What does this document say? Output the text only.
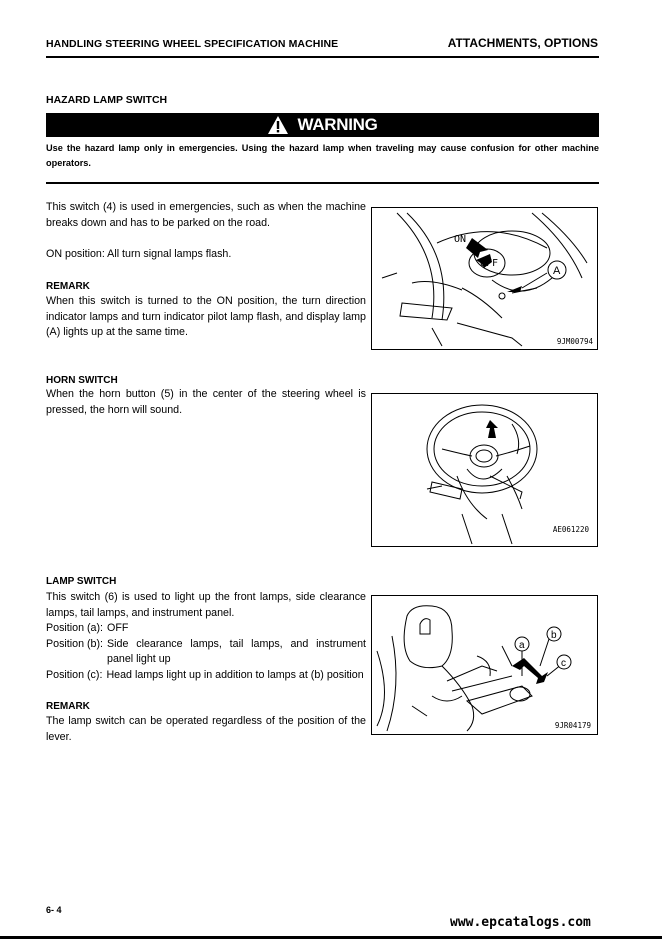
HANDLING STEERING WHEEL SPECIFICATION MACHINE	ATTACHMENTS, OPTIONS
HAZARD LAMP SWITCH
WARNING
Use the hazard lamp only in emergencies. Using the hazard lamp when traveling may cause confusion for other machine operators.
This switch (4) is used in emergencies, such as when the machine breaks down and has to be parked on the road.
ON position: All turn signal lamps flash.
REMARK
When this switch is turned to the ON position, the turn direction indicator lamps and turn indicator pilot lamp flash, and display lamp (A) lights up at the same time.
A
ON
OFF
9JM00794
HORN SWITCH
When the horn button (5) in the center of the steering wheel is pressed, the horn will sound.
AE061220
LAMP SWITCH
This switch (6) is used to light up the front lamps, side clearance lamps, tail lamps, and instrument panel.
Position (a): OFF
Position (b): Side clearance lamps, tail lamps, and instrument panel light up
Position (c): Head lamps light up in addition to lamps at (b) position
REMARK
The lamp switch can be operated regardless of the position of the lever.
a
b
c
9JR04179
6- 4
www.epcatalogs.com
